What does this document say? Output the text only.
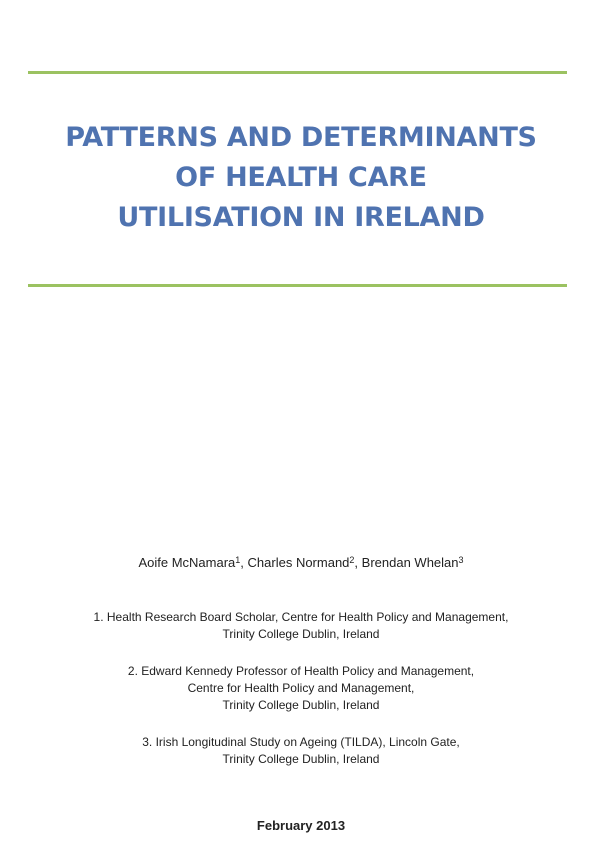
PATTERNS AND DETERMINANTS
OF HEALTH CARE
UTILISATION IN IRELAND
Aoife McNamara$^1$, Charles Normand$^2$, Brendan Whelan$^3$
1. Health Research Board Scholar, Centre for Health Policy and Management,
Trinity College Dublin, Ireland
2. Edward Kennedy Professor of Health Policy and Management,
Centre for Health Policy and Management,
Trinity College Dublin, Ireland
3. Irish Longitudinal Study on Ageing (TILDA), Lincoln Gate,
Trinity College Dublin, Ireland
February 2013
